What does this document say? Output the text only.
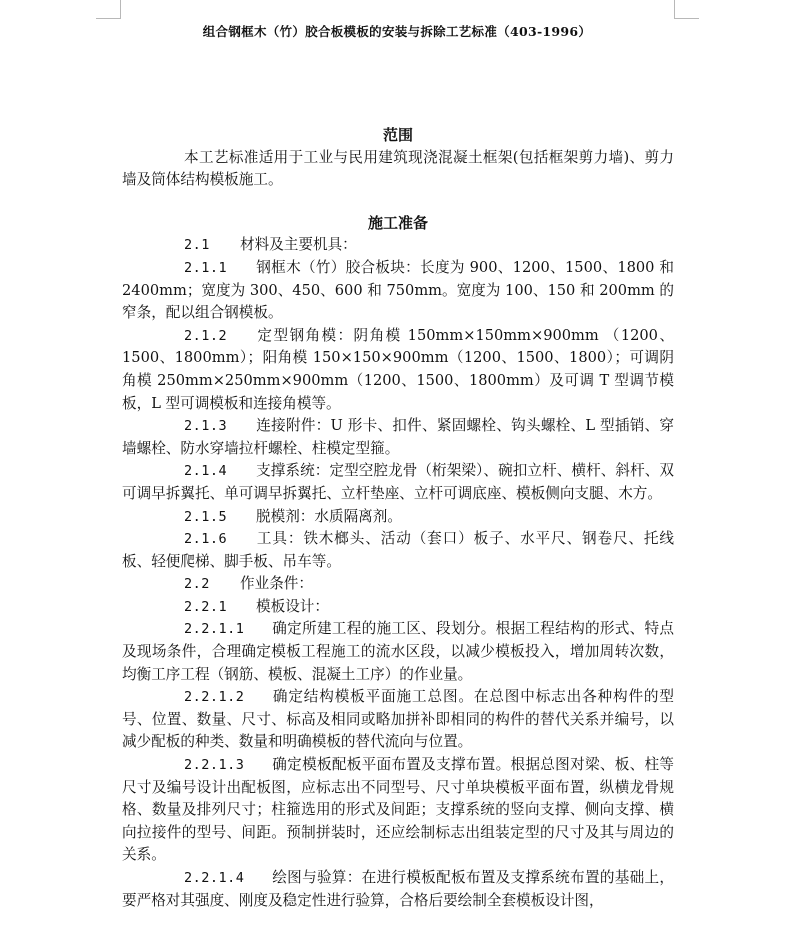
组合钢框木（竹）胶合板模板的安装与拆除工艺标准（403-1996）
范围

本工艺标准适用于工业与民用建筑现浇混凝土框架(包括框架剪力墙)、剪力墙及筒体结构模板施工。

施工准备

2.1 材料及主要机具：

2.1.1 钢框木（竹）胶合板块：长度为 900、1200、1500、1800 和 2400mm；宽度为 300、450、600 和 750mm。宽度为 100、150 和 200mm 的窄条，配以组合钢模板。

2.1.2 定型钢角模：阴角模 150mm×150mm×900mm （1200、1500、1800mm）；阳角模 150×150×900mm（1200、1500、1800）；可调阴角模 250mm×250mm×900mm（1200、1500、1800mm）及可调 T 型调节模板，L 型可调模板和连接角模等。

2.1.3 连接附件：U 形卡、扣件、紧固螺栓、钩头螺栓、L 型插销、穿墙螺栓、防水穿墙拉杆螺栓、柱模定型箍。

2.1.4 支撑系统：定型空腔龙骨（桁架梁）、碗扣立杆、横杆、斜杆、双可调早拆翼托、单可调早拆翼托、立杆垫座、立杆可调底座、模板侧向支腿、木方。

2.1.5 脱模剂：水质隔离剂。

2.1.6 工具：铁木榔头、活动（套口）板子、水平尺、钢卷尺、托线板、轻便爬梯、脚手板、吊车等。

2.2 作业条件：

2.2.1 模板设计：

2.2.1.1 确定所建工程的施工区、段划分。根据工程结构的形式、特点及现场条件，合理确定模板工程施工的流水区段，以减少模板投入，增加周转次数，均衡工序工程（钢筋、模板、混凝土工序）的作业量。

2.2.1.2 确定结构模板平面施工总图。在总图中标志出各种构件的型号、位置、数量、尺寸、标高及相同或略加拼补即相同的构件的替代关系并编号，以减少配板的种类、数量和明确模板的替代流向与位置。

2.2.1.3 确定模板配板平面布置及支撑布置。根据总图对梁、板、柱等尺寸及编号设计出配板图，应标志出不同型号、尺寸单块模板平面布置，纵横龙骨规格、数量及排列尺寸；柱箍选用的形式及间距；支撑系统的竖向支撑、侧向支撑、横向拉接件的型号、间距。预制拼装时，还应绘制标志出组装定型的尺寸及其与周边的关系。

2.2.1.4 绘图与验算：在进行模板配板布置及支撑系统布置的基础上，要严格对其强度、刚度及稳定性进行验算，合格后要绘制全套模板设计图，
